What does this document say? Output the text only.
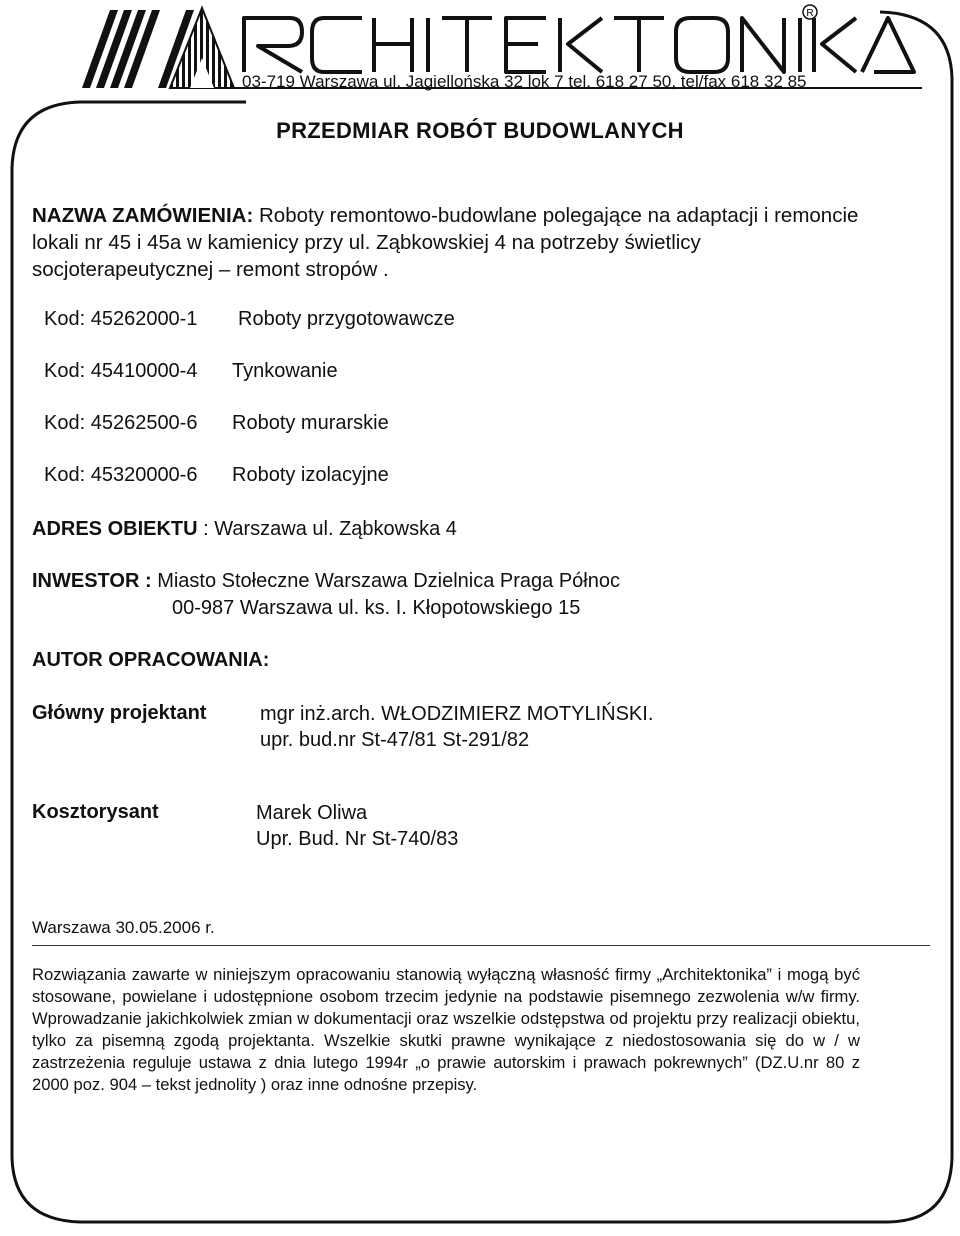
R
03-719 Warszawa ul. Jagiellońska 32 lok 7 tel. 618 27 50, tel/fax 618 32 85
PRZEDMIAR ROBÓT BUDOWLANYCH
NAZWA ZAMÓWIENIA: Roboty remontowo-budowlane polegające na adaptacji i remoncie lokali nr 45 i 45a w kamienicy przy ul. Ząbkowskiej 4 na potrzeby świetlicy socjoterapeutycznej – remont stropów .
Kod: 45262000-1 Roboty przygotowawcze
Kod: 45410000-4 Tynkowanie
Kod: 45262500-6 Roboty murarskie
Kod: 45320000-6 Roboty izolacyjne
ADRES OBIEKTU : Warszawa ul. Ząbkowska 4
INWESTOR : Miasto Stołeczne Warszawa Dzielnica Praga Północ
00-987 Warszawa ul. ks. I. Kłopotowskiego 15
AUTOR OPRACOWANIA:
Główny projektant	mgr inż.arch. WŁODZIMIERZ MOTYLIŃSKI.
upr. bud.nr St-47/81 St-291/82
Kosztorysant	Marek Oliwa
Upr. Bud. Nr St-740/83
Warszawa 30.05.2006 r.
Rozwiązania zawarte w niniejszym opracowaniu stanowią wyłączną własność firmy „Architektonika” i mogą być stosowane, powielane i udostępnione osobom trzecim jedynie na podstawie pisemnego zezwolenia w/w firmy. Wprowadzanie jakichkolwiek zmian w dokumentacji oraz wszelkie odstępstwa od projektu przy realizacji obiektu, tylko za pisemną zgodą projektanta. Wszelkie skutki prawne wynikające z niedostosowania się do w / w zastrzeżenia reguluje ustawa z dnia lutego 1994r „o prawie autorskim i prawach pokrewnych” (DZ.U.nr 80 z 2000 poz. 904 – tekst jednolity ) oraz inne odnośne przepisy.
